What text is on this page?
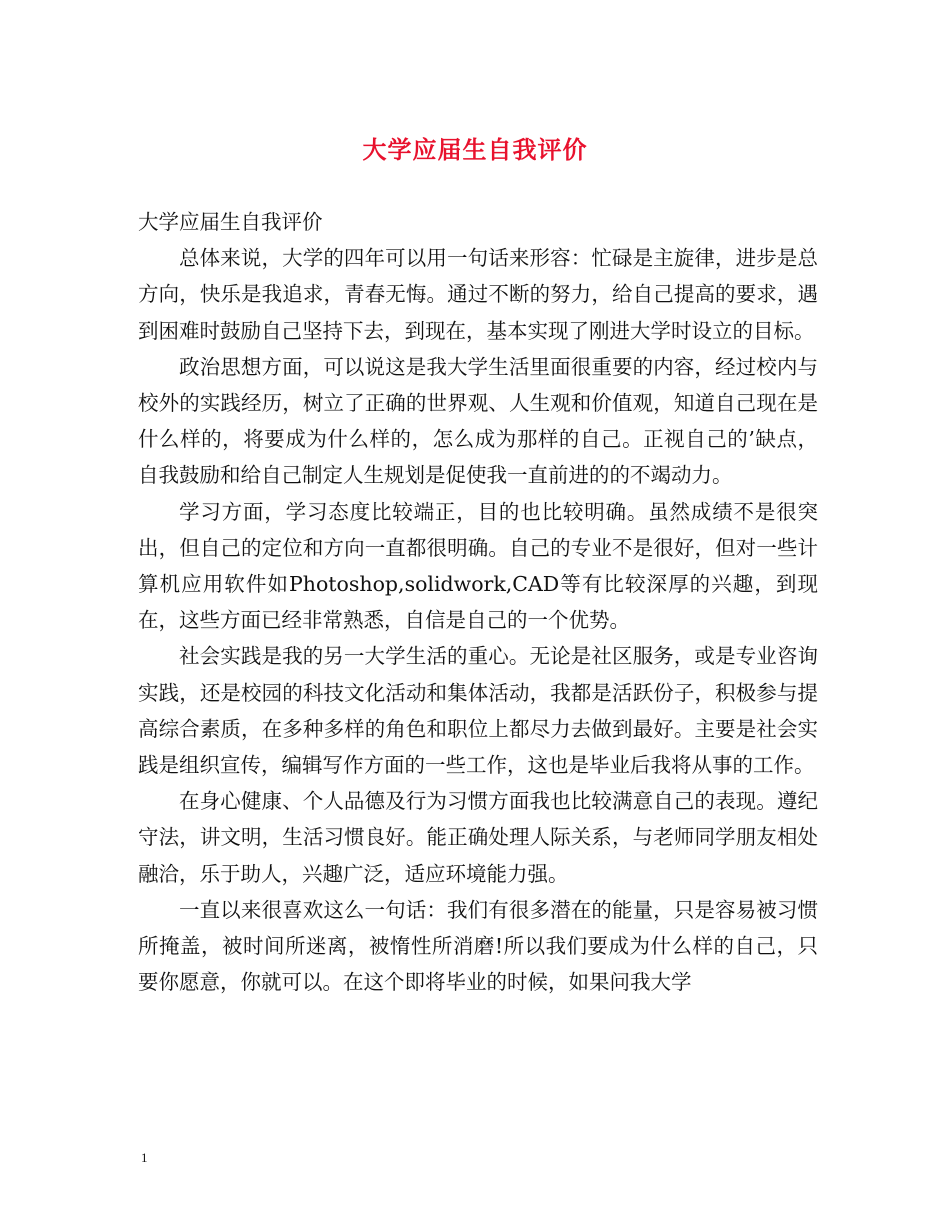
大学应届生自我评价

大学应届生自我评价

总体来说，大学的四年可以用一句话来形容：忙碌是主旋律，进步是总方向，快乐是我追求，青春无悔。通过不断的努力，给自己提高的要求，遇到困难时鼓励自己坚持下去，到现在，基本实现了刚进大学时设立的目标。

政治思想方面，可以说这是我大学生活里面很重要的内容，经过校内与校外的实践经历，树立了正确的世界观、人生观和价值观，知道自己现在是什么样的，将要成为什么样的，怎么成为那样的自己。正视自己的’缺点，自我鼓励和给自己制定人生规划是促使我一直前进的的不竭动力。

学习方面，学习态度比较端正，目的也比较明确。虽然成绩不是很突出，但自己的定位和方向一直都很明确。自己的专业不是很好，但对一些计算机应用软件如Photoshop,solidwork,CAD等有比较深厚的兴趣，到现在，这些方面已经非常熟悉，自信是自己的一个优势。

社会实践是我的另一大学生活的重心。无论是社区服务，或是专业咨询实践，还是校园的科技文化活动和集体活动，我都是活跃份子，积极参与提高综合素质，在多种多样的角色和职位上都尽力去做到最好。主要是社会实践是组织宣传，编辑写作方面的一些工作，这也是毕业后我将从事的工作。

在身心健康、个人品德及行为习惯方面我也比较满意自己的表现。遵纪守法，讲文明，生活习惯良好。能正确处理人际关系，与老师同学朋友相处融洽，乐于助人，兴趣广泛，适应环境能力强。

一直以来很喜欢这么一句话：我们有很多潜在的能量，只是容易被习惯所掩盖，被时间所迷离，被惰性所消磨!所以我们要成为什么样的自己，只要你愿意，你就可以。在这个即将毕业的时候，如果问我大学

1
